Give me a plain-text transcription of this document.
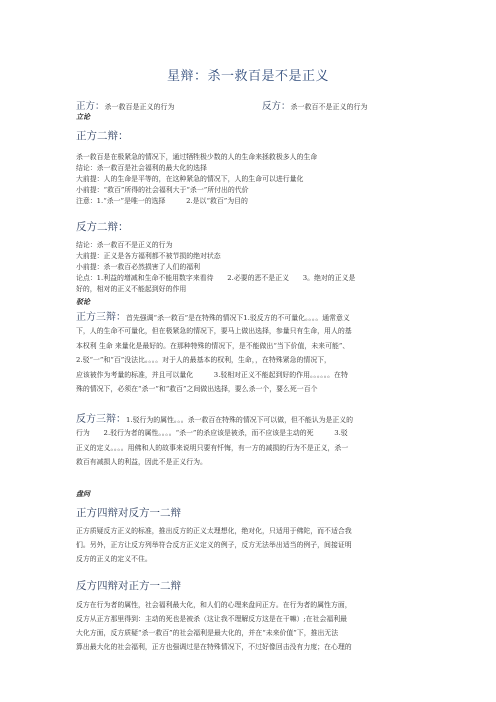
星辩：杀一救百是不是正义
正方：杀一救百是正义的行为	反方：杀一救百不是正义的行为
立论
正方二辩：
杀一救百是在极紧急的情况下，通过牺牲极少数的人的生命来拯救极多人的生命
结论：杀一救百是社会福利的最大化的选择
大前提：人的生命是平等的，在这种紧急的情况下，人的生命可以进行量化
小前提：“救百”所得的社会福利大于“杀一”所付出的代价
注意：1.“杀一”是唯一的选择　　　2.是以“救百”为目的
反方二辩：
结论：杀一救百不是正义的行为
大前提：正义是各方福利都不被节损的绝对状态
小前提：杀一救百必然损害了人们的福利
论点：1.利益的增减和生命不能用数字来看待　　2.必要的恶不是正义　　3。绝对的正义是
好的，相对的正义不能起到好的作用
驳论
正方三辩：首先强调“杀一救百”是在特殊的情况下1.驳反方的不可量化。。。。通常意义
下，人的生命不可量化，但在极紧急的情况下，要马上做出选择，参量只有生命，用人的基
本权利 生命 来量化是最好的。在那种特殊的情况下，是不能做出“当下价值，未来可能”、
2.驳“一”和“百”没法比。。。。对于人的最基本的权利，生命，，在特殊紧急的情况下，
应该被作为考量的标准，并且可以量化　　　3.驳相对正义不能起到好的作用。。。。。。在特
殊的情况下，必须在“杀一”和“救百”之间做出选择，要么杀一个，要么死一百个
反方三辩：1.驳行为的属性。。。杀一救百在特殊的情况下可以做，但不能认为是正义的
行为　　2.驳行为者的属性。。。。“杀一”的杀应该是被杀，而不应该是主动的死　　　3.驳
正义的定义。。。。用佛和人的故事来说明只要有忏悔，有一方的减损的行为不是正义，杀一
救百有减损人的利益，因此不是正义行为。
盘问
正方四辩对反方一二辩
正方质疑反方正义的标准，推出反方的正义太理想化，绝对化，只适用于佛陀，而不适合我
们。另外，正方让反方列举符合反方正义定义的例子，反方无法举出适当的例子，间接证明
反方的正义的定义不住。
反方四辩对正方一二辩
反方在行为者的属性，社会福利最大化，和人们的心理来盘问正方。在行为者的属性方面，
反方从正方那里得到：主动的死也是被杀（这让我不理解反方这是在干嘛）;在社会福利最
大化方面，反方质疑“杀一救百”的社会福利是最大化的，并在“未来价值”下，推出无法
算出最大化的社会福利，正方也强调过是在特殊情况下，不过好像回击没有力度；在心理的
